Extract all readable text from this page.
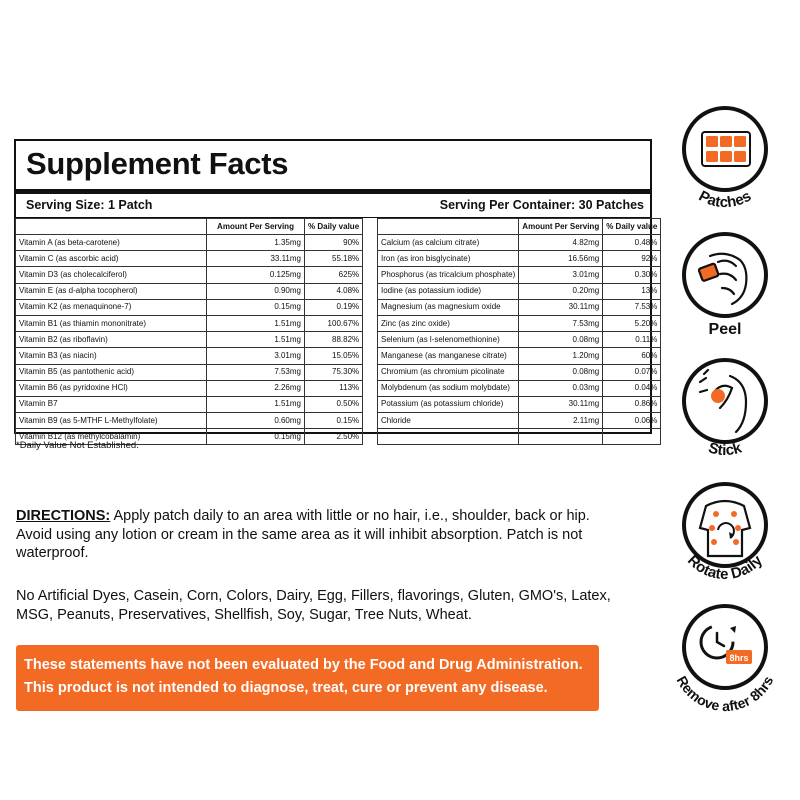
Supplement Facts
Serving Size: 1 Patch	Serving Per Container: 30 Patches
	Amount Per Serving	% Daily value
Vitamin A (as beta-carotene)	1.35mg	90%
Vitamin C (as ascorbic acid)	33.11mg	55.18%
Vitamin D3 (as cholecalciferol)	0.125mg	625%
Vitamin E (as d-alpha tocopherol)	0.90mg	4.08%
Vitamin K2 (as menaquinone-7)	0.15mg	0.19%
Vitamin B1 (as thiamin mononitrate)	1.51mg	100.67%
Vitamin B2 (as riboflavin)	1.51mg	88.82%
Vitamin B3 (as niacin)	3.01mg	15.05%
Vitamin B5 (as pantothenic acid)	7.53mg	75.30%
Vitamin B6 (as pyridoxine HCl)	2.26mg	113%
Vitamin B7	1.51mg	0.50%
Vitamin B9 (as 5-MTHF L-Methylfolate)	0.60mg	0.15%
Vitamin B12 (as methylcobalamin)	0.15mg	2.50%
	Amount Per Serving	% Daily value
Calcium (as calcium citrate)	4.82mg	0.48%
Iron (as iron bisglycinate)	16.56mg	92%
Phosphorus (as tricalcium phosphate)	3.01mg	0.30%
Iodine (as potassium iodide)	0.20mg	13%
Magnesium (as magnesium oxide	30.11mg	7.53%
Zinc (as zinc oxide)	7.53mg	5.20%
Selenium (as l-selenomethionine)	0.08mg	0.11%
Manganese (as manganese citrate)	1.20mg	60%
Chromium (as chromium picolinate	0.08mg	0.07%
Molybdenum (as sodium molybdate)	0.03mg	0.04%
Potassium (as potassium chloride)	30.11mg	0.86%
Chloride	2.11mg	0.06%

*Daily Value Not Established.
DIRECTIONS: Apply patch daily to an area with little or no hair, i.e., shoulder, back or hip. Avoid using any lotion or cream in the same area as it will inhibit absorption. Patch is not waterproof.
No Artificial Dyes, Casein, Corn, Colors, Dairy, Egg, Fillers, flavorings, Gluten, GMO's, Latex, MSG, Peanuts, Preservatives, Shellfish, Soy, Sugar, Tree Nuts, Wheat.
These statements have not been evaluated by the Food and Drug Administration.
This product is not intended to diagnose, treat, cure or prevent any disease.
Patches
Peel
Stick
Rotate Daily
8hrs
Remove after 8hrs
